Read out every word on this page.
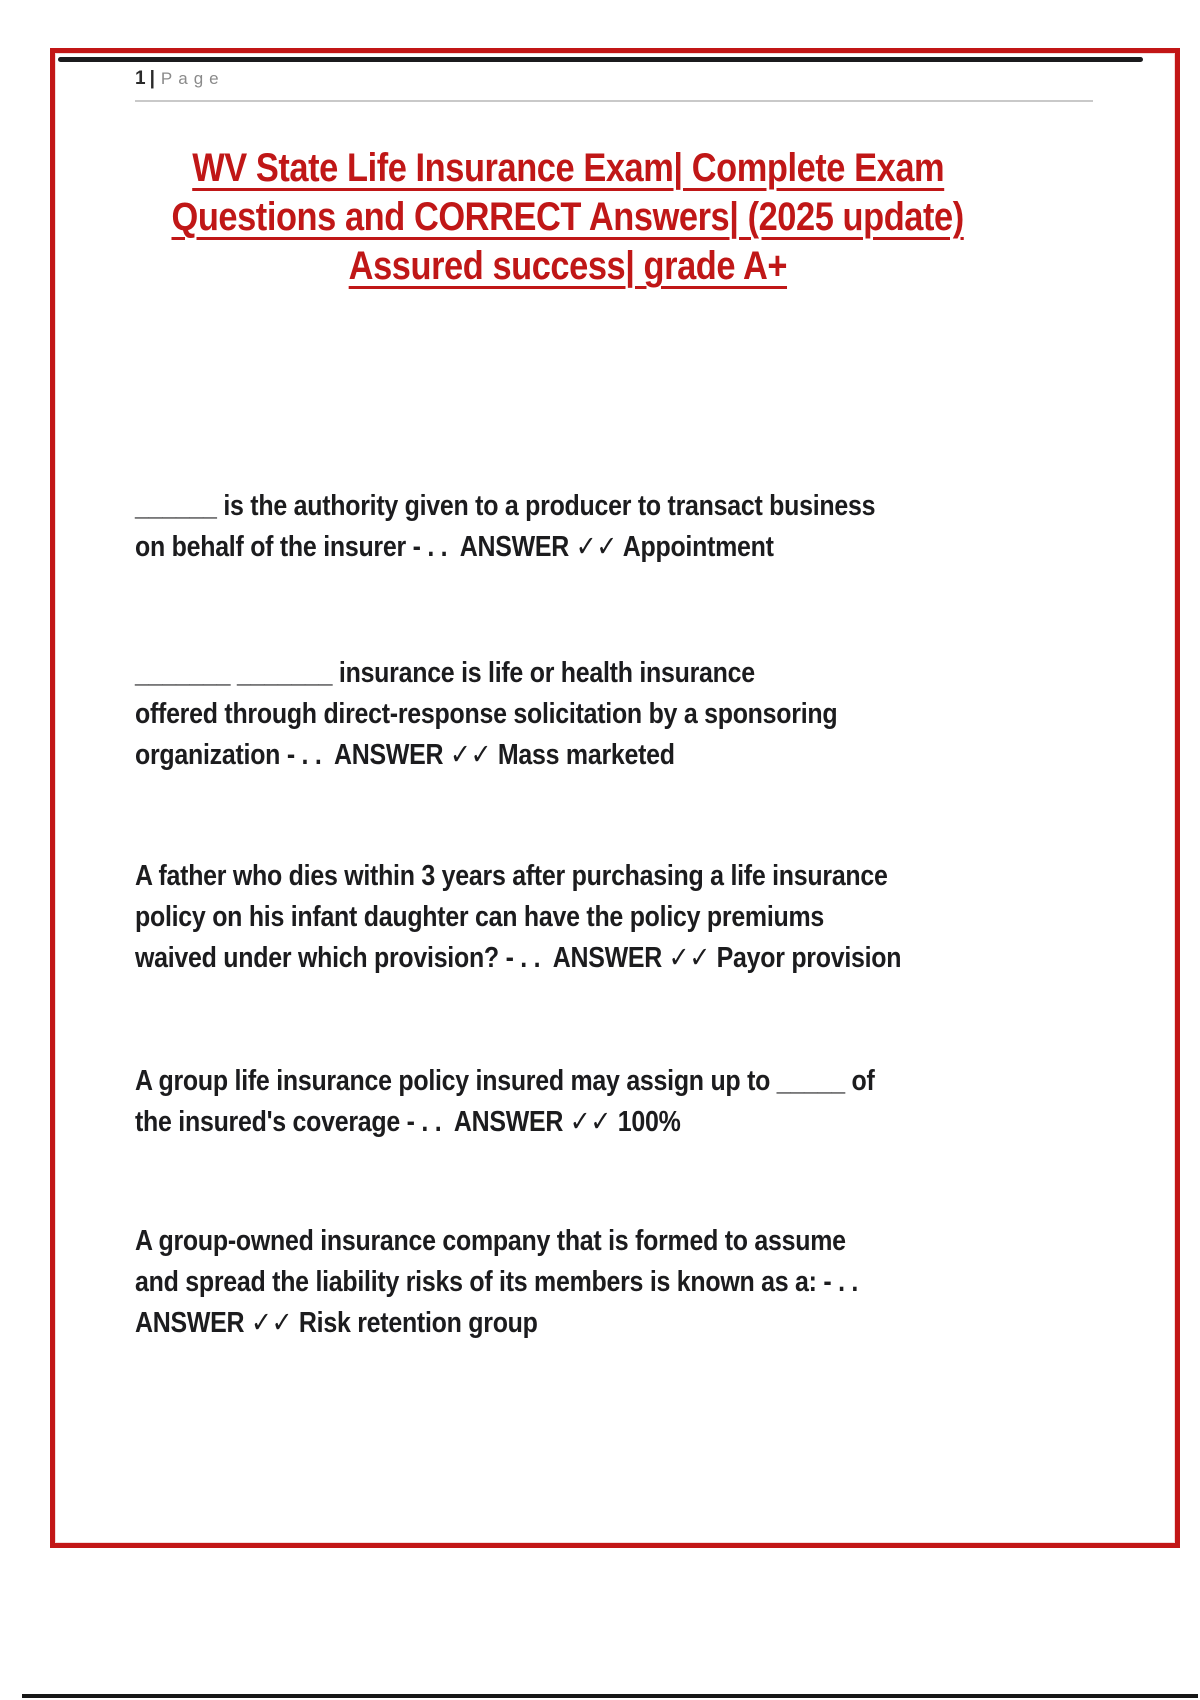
1 | Page
WV State Life Insurance Exam| Complete Exam
Questions and CORRECT Answers| (2025 update)
Assured success| grade A+
______ is the authority given to a producer to transact business
on behalf of the insurer - . .  ANSWER ✓✓ Appointment
_______ _______ insurance is life or health insurance
offered through direct-response solicitation by a sponsoring
organization - . .  ANSWER ✓✓ Mass marketed
A father who dies within 3 years after purchasing a life insurance
policy on his infant daughter can have the policy premiums
waived under which provision? - . .  ANSWER ✓✓ Payor provision
A group life insurance policy insured may assign up to _____ of
the insured's coverage - . .  ANSWER ✓✓ 100%
A group-owned insurance company that is formed to assume
and spread the liability risks of its members is known as a: - . .
ANSWER ✓✓ Risk retention group
